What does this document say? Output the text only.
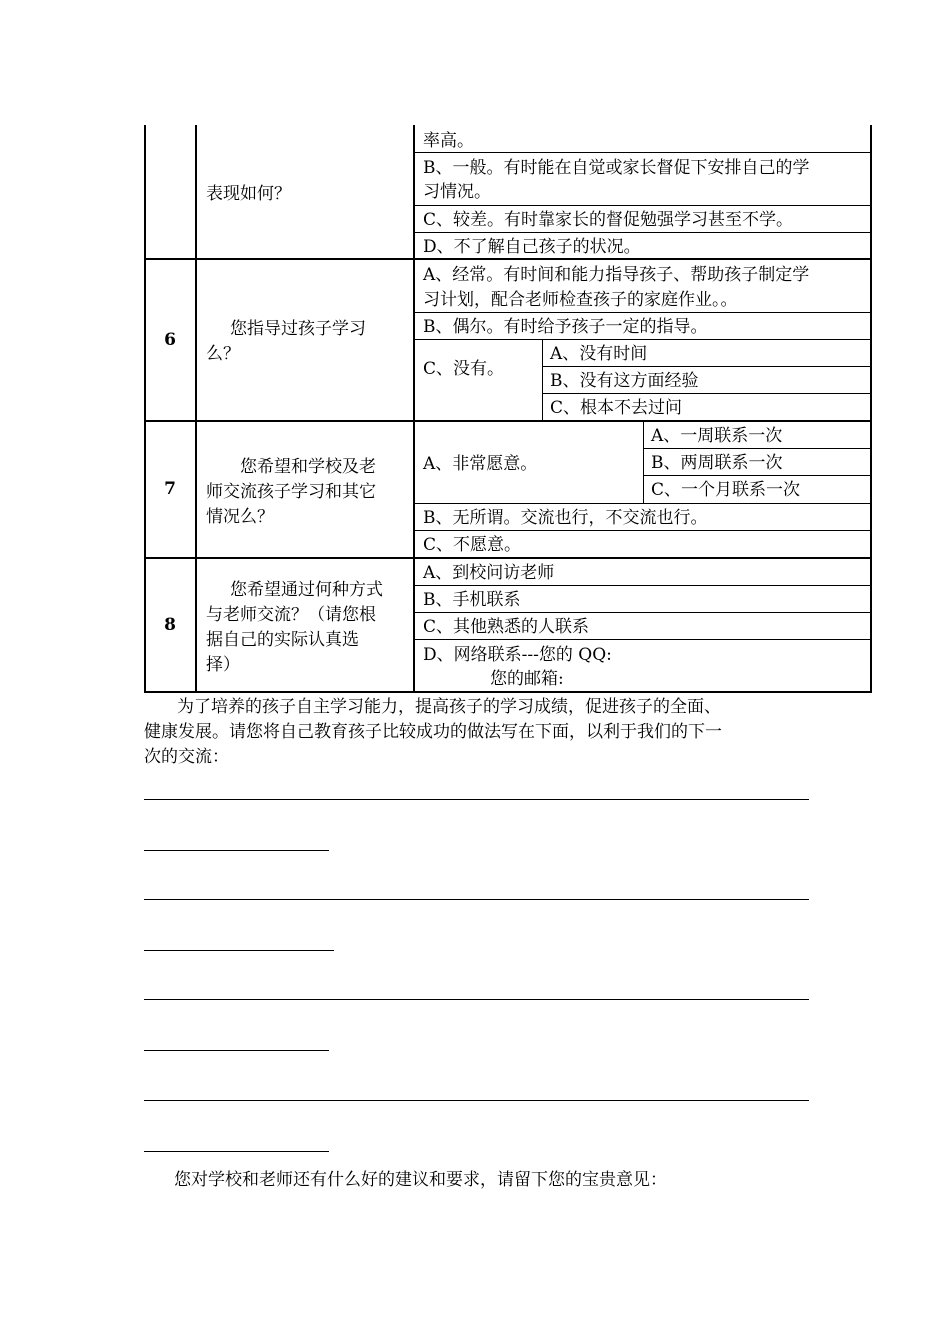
表现如何？
率高。
B、一般。有时能在自觉或家长督促下安排自己的学
习情况。
C、较差。有时靠家长的督促勉强学习甚至不学。
D、不了解自己孩子的状况。
6
您指导过孩子学习
么？
A、经常。有时间和能力指导孩子、帮助孩子制定学
习计划，配合老师检查孩子的家庭作业。。
B、偶尔。有时给予孩子一定的指导。
C、没有。
A、没有时间
B、没有这方面经验
C、根本不去过问
7
您希望和学校及老
师交流孩子学习和其它
情况么？
A、非常愿意。
A、一周联系一次
B、两周联系一次
C、一个月联系一次
B、无所谓。交流也行，不交流也行。
C、不愿意。
8
您希望通过何种方式
与老师交流？（请您根
据自己的实际认真选
择）
A、到校问访老师
B、手机联系
C、其他熟悉的人联系
D、网络联系---您的 QQ:
您的邮箱:
为了培养的孩子自主学习能力，提高孩子的学习成绩，促进孩子的全面、
健康发展。请您将自己教育孩子比较成功的做法写在下面，以利于我们的下一
次的交流：
您对学校和老师还有什么好的建议和要求，请留下您的宝贵意见：
